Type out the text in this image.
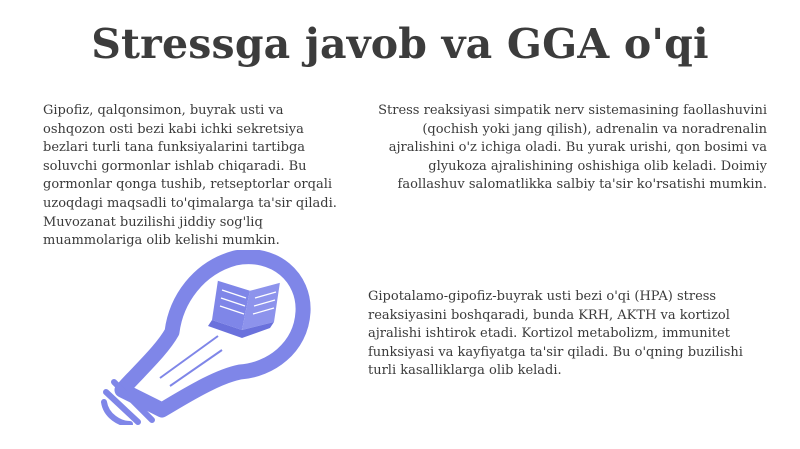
Stressga javob va GGA o'qi

Gipofiz, qalqonsimon, buyrak usti va oshqozon osti bezi kabi ichki sekretsiya bezlari turli tana funksiyalarini tartibga soluvchi gormonlar ishlab chiqaradi. Bu gormonlar qonga tushib, retseptorlar orqali uzoqdagi maqsadli to'qimalarga ta'sir qiladi. Muvozanat buzilishi jiddiy sog'liq muammolariga olib kelishi mumkin.

Stress reaksiyasi simpatik nerv sistemasining faollashuvini (qochish yoki jang qilish), adrenalin va noradrenalin ajralishini o'z ichiga oladi. Bu yurak urishi, qon bosimi va glyukoza ajralishining oshishiga olib keladi. Doimiy faollashuv salomatlikka salbiy ta'sir ko'rsatishi mumkin.

Gipotalamo-gipofiz-buyrak usti bezi o'qi (HPA) stress reaksiyasini boshqaradi, bunda KRH, AKTH va kortizol ajralishi ishtirok etadi. Kortizol metabolizm, immunitet funksiyasi va kayfiyatga ta'sir qiladi. Bu o'qning buzilishi turli kasalliklarga olib keladi.
